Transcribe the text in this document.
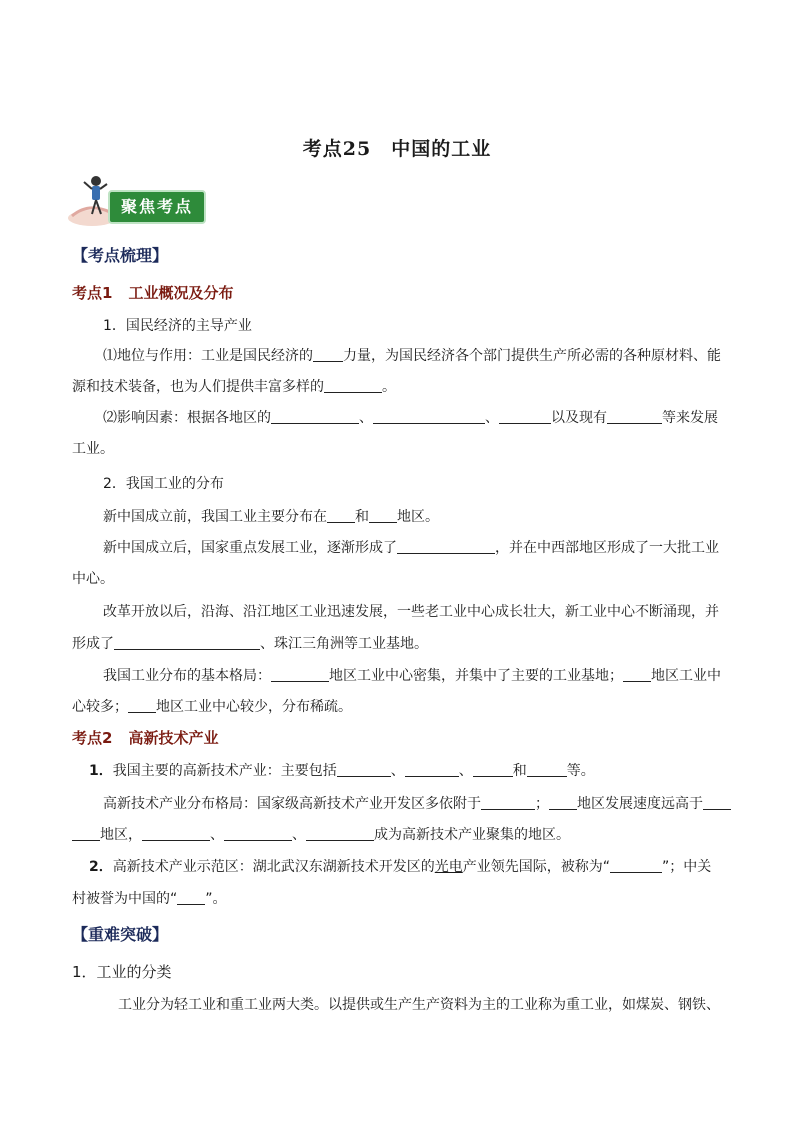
考点25　中国的工业
聚焦考点
【考点梳理】
考点1 工业概况及分布
1．国民经济的主导产业
⑴地位与作用：工业是国民经济的 力量，为国民经济各个部门提供生产所必需的各种原材料、能
源和技术装备，也为人们提供丰富多样的	。
⑵影响因素：根据各地区的	、	、	以及现有	等来发展
工业。
2．我国工业的分布
新中国成立前，我国工业主要分布在 和 地区。
新中国成立后，国家重点发展工业，逐渐形成了	，并在中西部地区形成了一大批工业
中心。
改革开放以后，沿海、沿江地区工业迅速发展，一些老工业中心成长壮大，新工业中心不断涌现，并
形成了	、珠江三角洲等工业基地。
我国工业分布的基本格局：	地区工业中心密集，并集中了主要的工业基地； 地区工业中
心较多； 地区工业中心较少，分布稀疏。
考点2 高新技术产业
1．我国主要的高新技术产业：主要包括	、	、	和	等。
高新技术产业分布格局：国家级高新技术产业开发区多依附于	； 地区发展速度远高于
地区，	、	、	成为高新技术产业聚集的地区。
2．高新技术产业示范区：湖北武汉东湖新技术开发区的光电产业领先国际，被称为“	”；中关
村被誉为中国的“ ”。
【重难突破】
1．工业的分类
工业分为轻工业和重工业两大类。以提供或生产生产资料为主的工业称为重工业，如煤炭、钢铁、
